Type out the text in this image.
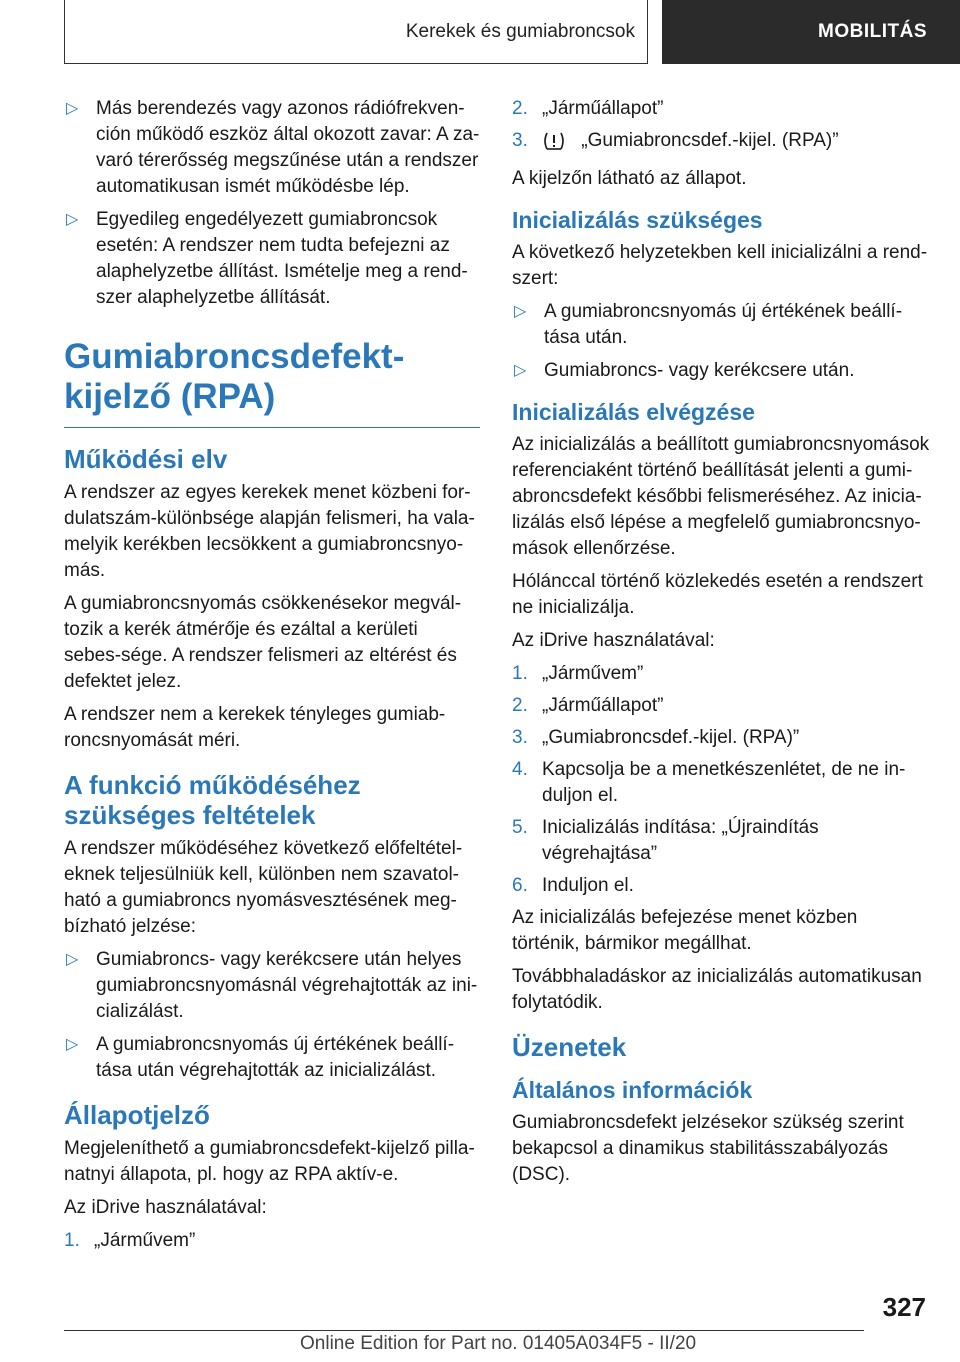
Kerekek és gumiabroncsok	MOBILITÁS
▷ Más berendezés vagy azonos rádiófrekven-ción működő eszköz által okozott zavar: A za-varó térerősség megszűnése után a rendszer automatikusan ismét működésbe lép.
▷ Egyedileg engedélyezett gumiabroncsok esetén: A rendszer nem tudta befejezni az alaphelyzetbe állítást. Ismételje meg a rend-szer alaphelyzetbe állítását.
Gumiabroncsdefekt-kijelző (RPA)
Működési elv

A rendszer az egyes kerekek menet közbeni for-dulatszám-különbsége alapján felismeri, ha vala-melyik kerékben lecsökkent a gumiabroncsnyo-más.

A gumiabroncsnyomás csökkenésekor megvál-tozik a kerék átmérője és ezáltal a kerületi sebes-sége. A rendszer felismeri az eltérést és defektet jelez.

A rendszer nem a kerekek tényleges gumiab-roncsnyomását méri.

A funkció működéséhez szükséges feltételek

A rendszer működéséhez következő előfeltétel-eknek teljesülniük kell, különben nem szavatol-ható a gumiabroncs nyomásvesztésének meg-bízható jelzése:

▷ Gumiabroncs- vagy kerékcsere után helyes gumiabroncsnyomásnál végrehajtották az ini-cializálást.
▷ A gumiabroncsnyomás új értékének beállí-tása után végrehajtották az inicializálást.
Állapotjelző

Megjeleníthető a gumiabroncsdefekt-kijelző pilla-natnyi állapota, pl. hogy az RPA aktív-e.

Az iDrive használatával:

1. „Járművem”
2. „Járműállapot”
3.	„Gumiabroncsdef.-kijel. (RPA)”

A kijelzőn látható az állapot.

Inicializálás szükséges

A következő helyzetekben kell inicializálni a rend-szert:

▷ A gumiabroncsnyomás új értékének beállí-tása után.
▷ Gumiabroncs- vagy kerékcsere után.
Inicializálás elvégzése

Az inicializálás a beállított gumiabroncsnyomások referenciaként történő beállítását jelenti a gumi-abroncsdefekt későbbi felismeréséhez. Az inicia-lizálás első lépése a megfelelő gumiabroncsnyo-mások ellenőrzése.

Hólánccal történő közlekedés esetén a rendszert ne inicializálja.

Az iDrive használatával:

1. „Járművem”
2. „Járműállapot”
3. „Gumiabroncsdef.-kijel. (RPA)”
4. Kapcsolja be a menetkészenlétet, de ne in-duljon el.
5. Inicializálás indítása: „Újraindítás végrehajtása”
6. Induljon el.

Az inicializálás befejezése menet közben történik, bármikor megállhat.

Továbbhaladáskor az inicializálás automatikusan folytatódik.

Üzenetek
Általános információk

Gumiabroncsdefekt jelzésekor szükség szerint bekapcsol a dinamikus stabilitásszabályozás (DSC).

327
Online Edition for Part no. 01405A034F5 - II/20
